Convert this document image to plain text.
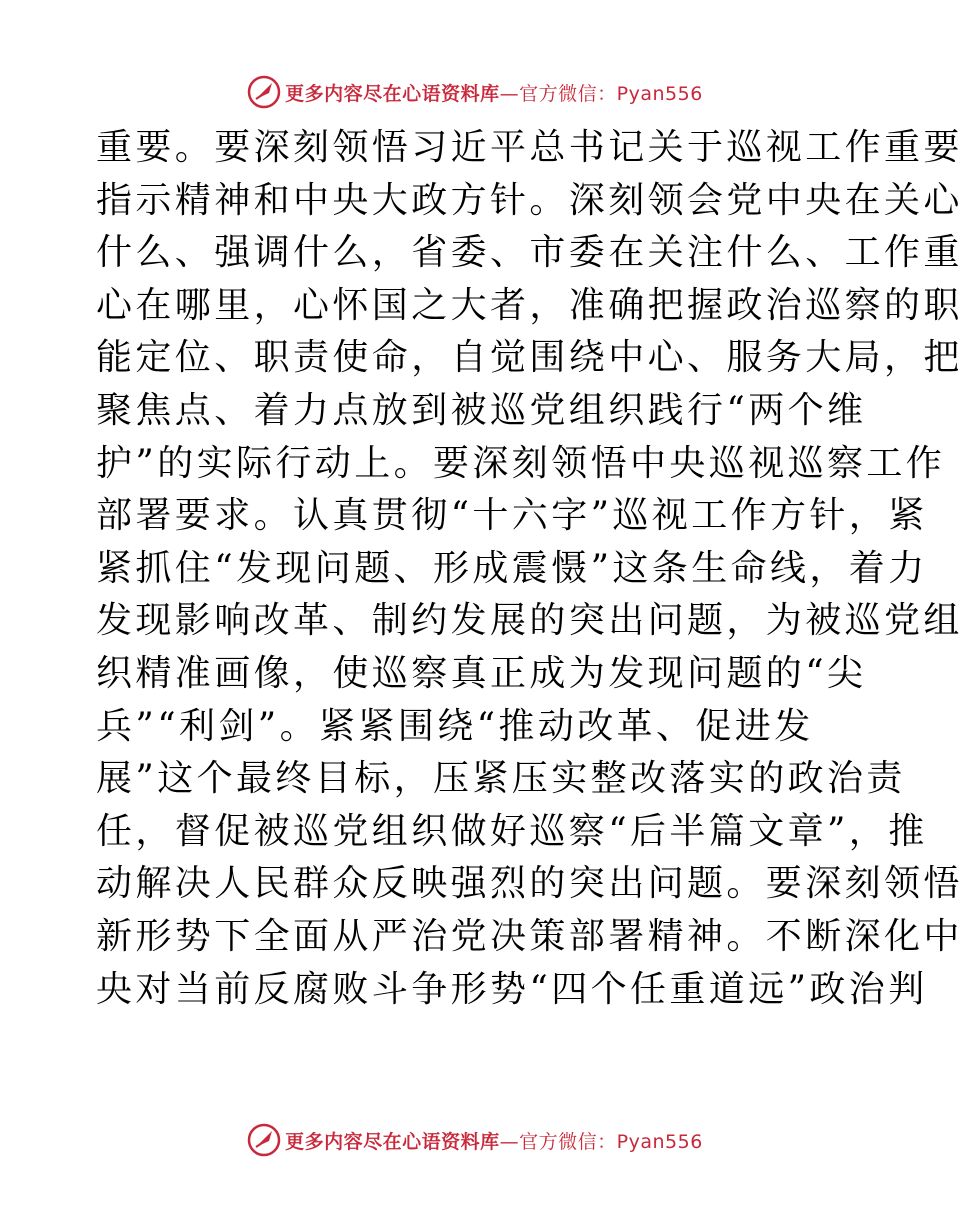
更多内容尽在心语资料库—官方微信：Pyan556
重要。要深刻领悟习近平总书记关于巡视工作重要
指示精神和中央大政方针。深刻领会党中央在关心
什么、强调什么，省委、市委在关注什么、工作重
心在哪里，心怀国之大者，准确把握政治巡察的职
能定位、职责使命，自觉围绕中心、服务大局，把
聚焦点、着力点放到被巡党组织践行“两个维
护”的实际行动上。要深刻领悟中央巡视巡察工作
部署要求。认真贯彻“十六字”巡视工作方针，紧
紧抓住“发现问题、形成震慑”这条生命线，着力
发现影响改革、制约发展的突出问题，为被巡党组
织精准画像，使巡察真正成为发现问题的“尖
兵”“利剑”。紧紧围绕“推动改革、促进发
展”这个最终目标，压紧压实整改落实的政治责
任，督促被巡党组织做好巡察“后半篇文章”，推
动解决人民群众反映强烈的突出问题。要深刻领悟
新形势下全面从严治党决策部署精神。不断深化中
央对当前反腐败斗争形势“四个任重道远”政治判
更多内容尽在心语资料库—官方微信：Pyan556
